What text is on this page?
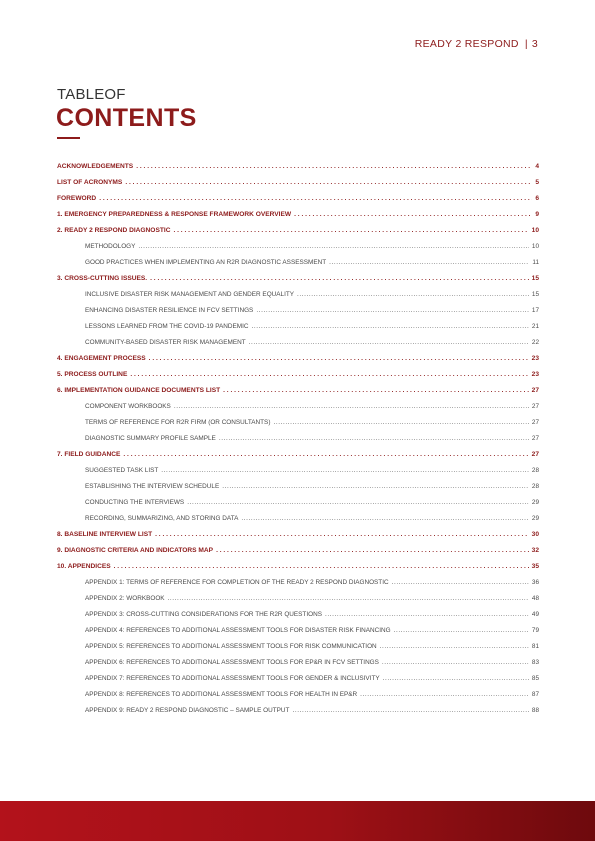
READY 2 RESPOND | 3
TABLEOF
CONTENTS
ACKNOWLEDGEMENTS . . .	4
LIST OF ACRONYMS . . .	5
FOREWORD . . .	6
1. EMERGENCY PREPAREDNESS & RESPONSE FRAMEWORK OVERVIEW . . .	9
2. READY 2 RESPOND DIAGNOSTIC . . .	10
METHODOLOGY .....	10
GOOD PRACTICES WHEN IMPLEMENTING AN R2R DIAGNOSTIC ASSESSMENT .....	11
3. CROSS-CUTTING ISSUES. . . .	15
INCLUSIVE DISASTER RISK MANAGEMENT AND GENDER EQUALITY .....	15
ENHANCING DISASTER RESILIENCE IN FCV SETTINGS .....	17
LESSONS LEARNED FROM THE COVID-19 PANDEMIC .....	21
COMMUNITY-BASED DISASTER RISK MANAGEMENT .....	22
4. ENGAGEMENT PROCESS . . .	23
5. PROCESS OUTLINE . . .	23
6. IMPLEMENTATION GUIDANCE DOCUMENTS LIST . . .	27
COMPONENT WORKBOOKS .....	27
TERMS OF REFERENCE FOR R2R FIRM (OR CONSULTANTS) .....	27
DIAGNOSTIC SUMMARY PROFILE SAMPLE .....	27
7. FIELD GUIDANCE . . .	27
SUGGESTED TASK LIST .....	28
ESTABLISHING THE INTERVIEW SCHEDULE .....	28
CONDUCTING THE INTERVIEWS .....	29
RECORDING, SUMMARIZING, AND STORING DATA .....	29
8. BASELINE INTERVIEW LIST . . .	30
9. DIAGNOSTIC CRITERIA AND INDICATORS MAP . . .	32
10. APPENDICES . . .	35
APPENDIX 1: TERMS OF REFERENCE FOR COMPLETION OF THE READY 2 RESPOND DIAGNOSTIC .....	36
APPENDIX 2: WORKBOOK .....	48
APPENDIX 3: CROSS-CUTTING CONSIDERATIONS FOR THE R2R QUESTIONS .....	49
APPENDIX 4: REFERENCES TO ADDITIONAL ASSESSMENT TOOLS FOR DISASTER RISK FINANCING .....	79
APPENDIX 5: REFERENCES TO ADDITIONAL ASSESSMENT TOOLS FOR RISK COMMUNICATION .....	81
APPENDIX 6: REFERENCES TO ADDITIONAL ASSESSMENT TOOLS FOR EP&R IN FCV SETTINGS .....	83
APPENDIX 7: REFERENCES TO ADDITIONAL ASSESSMENT TOOLS FOR GENDER & INCLUSIVITY .....	85
APPENDIX 8: REFERENCES TO ADDITIONAL ASSESSMENT TOOLS FOR HEALTH IN EP&R .....	87
APPENDIX 9: READY 2 RESPOND DIAGNOSTIC – SAMPLE OUTPUT .....	88
